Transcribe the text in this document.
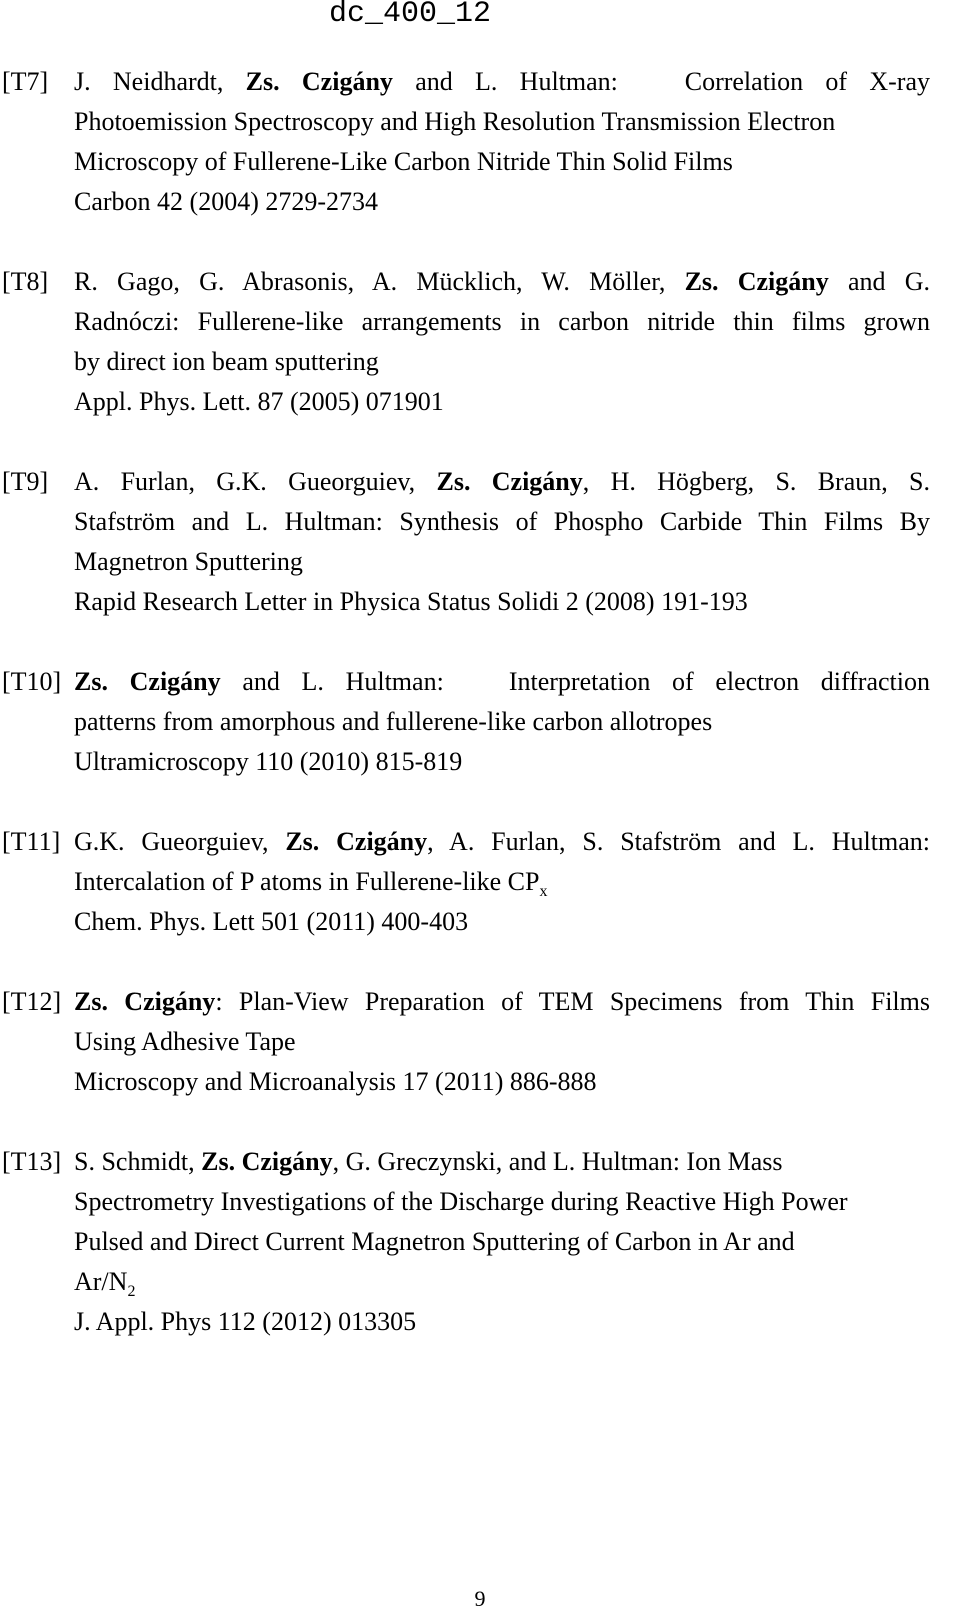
dc_400_12
[T7] J. Neidhardt, Zs. Czigány and L. Hultman:	Correlation of X-ray
Photoemission Spectroscopy and High Resolution Transmission Electron Microscopy of Fullerene-Like Carbon Nitride Thin Solid Films
Carbon 42 (2004) 2729-2734
[T8] R. Gago, G. Abrasonis, A. Mücklich, W. Möller, Zs. Czigány and G.
Radnóczi: Fullerene-like arrangements in carbon nitride thin films grown
by direct ion beam sputtering
Appl. Phys. Lett. 87 (2005) 071901
[T9] A. Furlan, G.K. Gueorguiev, Zs. Czigány, H. Högberg, S. Braun, S.
Stafström and L. Hultman: Synthesis of Phospho Carbide Thin Films By
Magnetron Sputtering
Rapid Research Letter in Physica Status Solidi 2 (2008) 191-193
[T10] Zs. Czigány and L. Hultman:	Interpretation of electron diffraction
patterns from amorphous and fullerene-like carbon allotropes
Ultramicroscopy 110 (2010) 815-819
[T11] G.K. Gueorguiev, Zs. Czigány, A. Furlan, S. Stafström and L. Hultman:
Intercalation of P atoms in Fullerene-like $CP_x$
Chem. Phys. Lett 501 (2011) 400-403
[T12] Zs. Czigány: Plan-View Preparation of TEM Specimens from Thin Films
Using Adhesive Tape
Microscopy and Microanalysis 17 (2011) 886-888
[T13] S. Schmidt, Zs. Czigány, G. Greczynski, and L. Hultman: Ion Mass
Spectrometry Investigations of the Discharge during Reactive High Power
Pulsed and Direct Current Magnetron Sputtering of Carbon in Ar and
$Ar/N_2$
J. Appl. Phys 112 (2012) 013305
9
